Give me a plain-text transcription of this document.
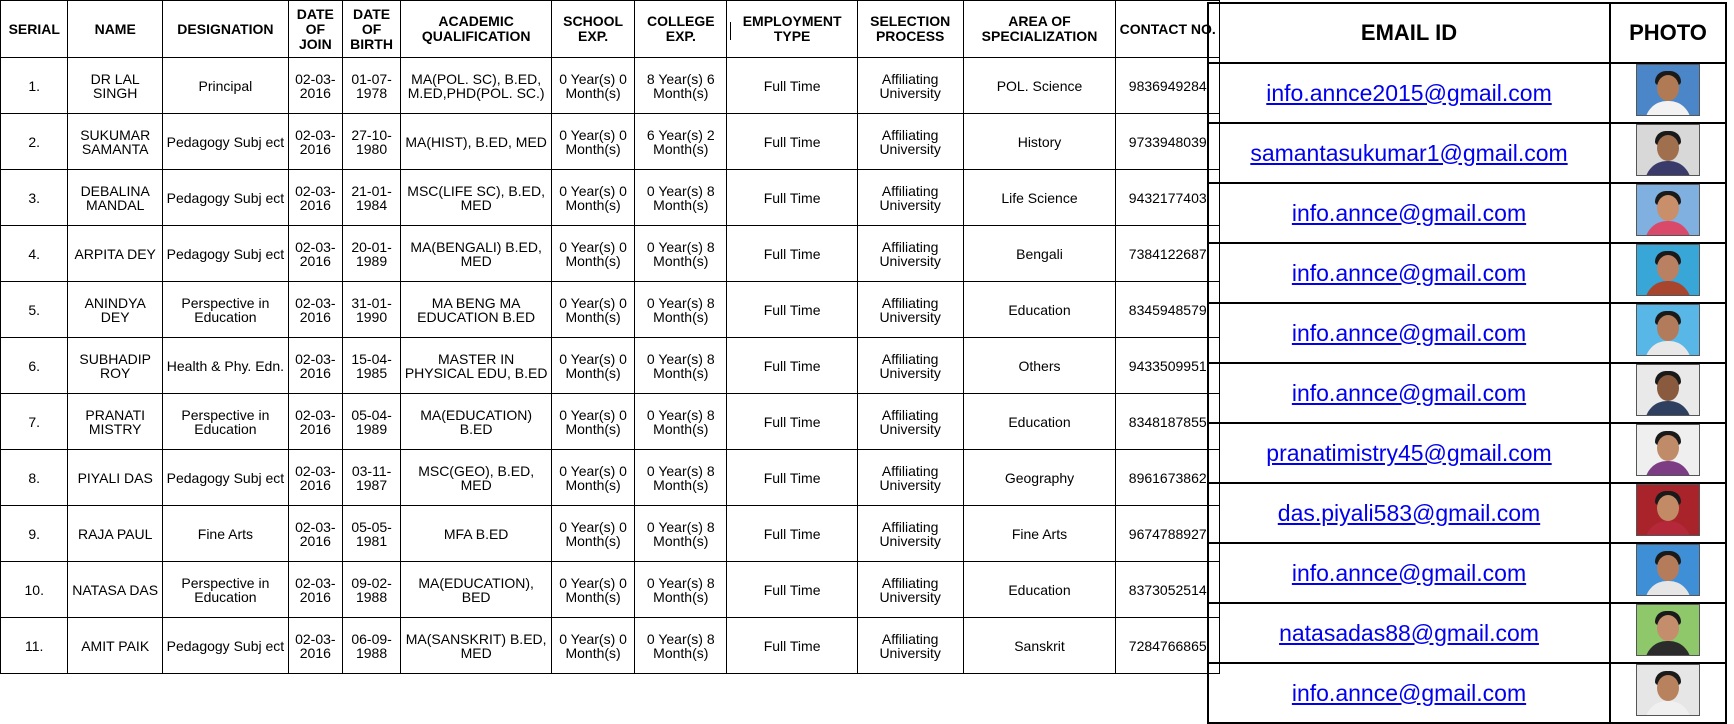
SERIAL	NAME	DESIGNATION	DATE OF JOIN	DATE OF BIRTH	ACADEMIC QUALIFICATION	SCHOOL EXP.	COLLEGE EXP.	EMPLOYMENT TYPE	SELECTION PROCESS	AREA OF SPECIALIZATION	CONTACT NO.
1.	DR LAL SINGH	Principal	02-03-2016	01-07-1978	MA(POL. SC), B.ED, M.ED,PHD(POL. SC.)	0 Year(s) 0 Month(s)	8 Year(s) 6 Month(s)	Full Time	Affiliating University	POL. Science	9836949284
2.	SUKUMAR SAMANTA	Pedagogy Subj ect	02-03-2016	27-10-1980	MA(HIST), B.ED, MED	0 Year(s) 0 Month(s)	6 Year(s) 2 Month(s)	Full Time	Affiliating University	History	9733948039
3.	DEBALINA MANDAL	Pedagogy Subj ect	02-03-2016	21-01-1984	MSC(LIFE SC), B.ED, MED	0 Year(s) 0 Month(s)	0 Year(s) 8 Month(s)	Full Time	Affiliating University	Life Science	9432177403
4.	ARPITA DEY	Pedagogy Subj ect	02-03-2016	20-01-1989	MA(BENGALI) B.ED, MED	0 Year(s) 0 Month(s)	0 Year(s) 8 Month(s)	Full Time	Affiliating University	Bengali	7384122687
5.	ANINDYA DEY	Perspective in Education	02-03-2016	31-01-1990	MA BENG MA EDUCATION B.ED	0 Year(s) 0 Month(s)	0 Year(s) 8 Month(s)	Full Time	Affiliating University	Education	8345948579
6.	SUBHADIP ROY	Health & Phy. Edn.	02-03-2016	15-04-1985	MASTER IN PHYSICAL EDU, B.ED	0 Year(s) 0 Month(s)	0 Year(s) 8 Month(s)	Full Time	Affiliating University	Others	9433509951
7.	PRANATI MISTRY	Perspective in Education	02-03-2016	05-04-1989	MA(EDUCATION) B.ED	0 Year(s) 0 Month(s)	0 Year(s) 8 Month(s)	Full Time	Affiliating University	Education	8348187855
8.	PIYALI DAS	Pedagogy Subj ect	02-03-2016	03-11-1987	MSC(GEO), B.ED, MED	0 Year(s) 0 Month(s)	0 Year(s) 8 Month(s)	Full Time	Affiliating University	Geography	8961673862
9.	RAJA PAUL	Fine Arts	02-03-2016	05-05-1981	MFA B.ED	0 Year(s) 0 Month(s)	0 Year(s) 8 Month(s)	Full Time	Affiliating University	Fine Arts	9674788927
10.	NATASA DAS	Perspective in Education	02-03-2016	09-02-1988	MA(EDUCATION), BED	0 Year(s) 0 Month(s)	0 Year(s) 8 Month(s)	Full Time	Affiliating University	Education	8373052514
11.	AMIT PAIK	Pedagogy Subj ect	02-03-2016	06-09-1988	MA(SANSKRIT) B.ED, MED	0 Year(s) 0 Month(s)	0 Year(s) 8 Month(s)	Full Time	Affiliating University	Sanskrit	7284766865
EMAIL ID	PHOTO
info.annce2015@gmail.com	

samantasukumar1@gmail.com	

info.annce@gmail.com	

info.annce@gmail.com	

info.annce@gmail.com	

info.annce@gmail.com	

pranatimistry45@gmail.com	

das.piyali583@gmail.com	

info.annce@gmail.com	

natasadas88@gmail.com	

info.annce@gmail.com	
